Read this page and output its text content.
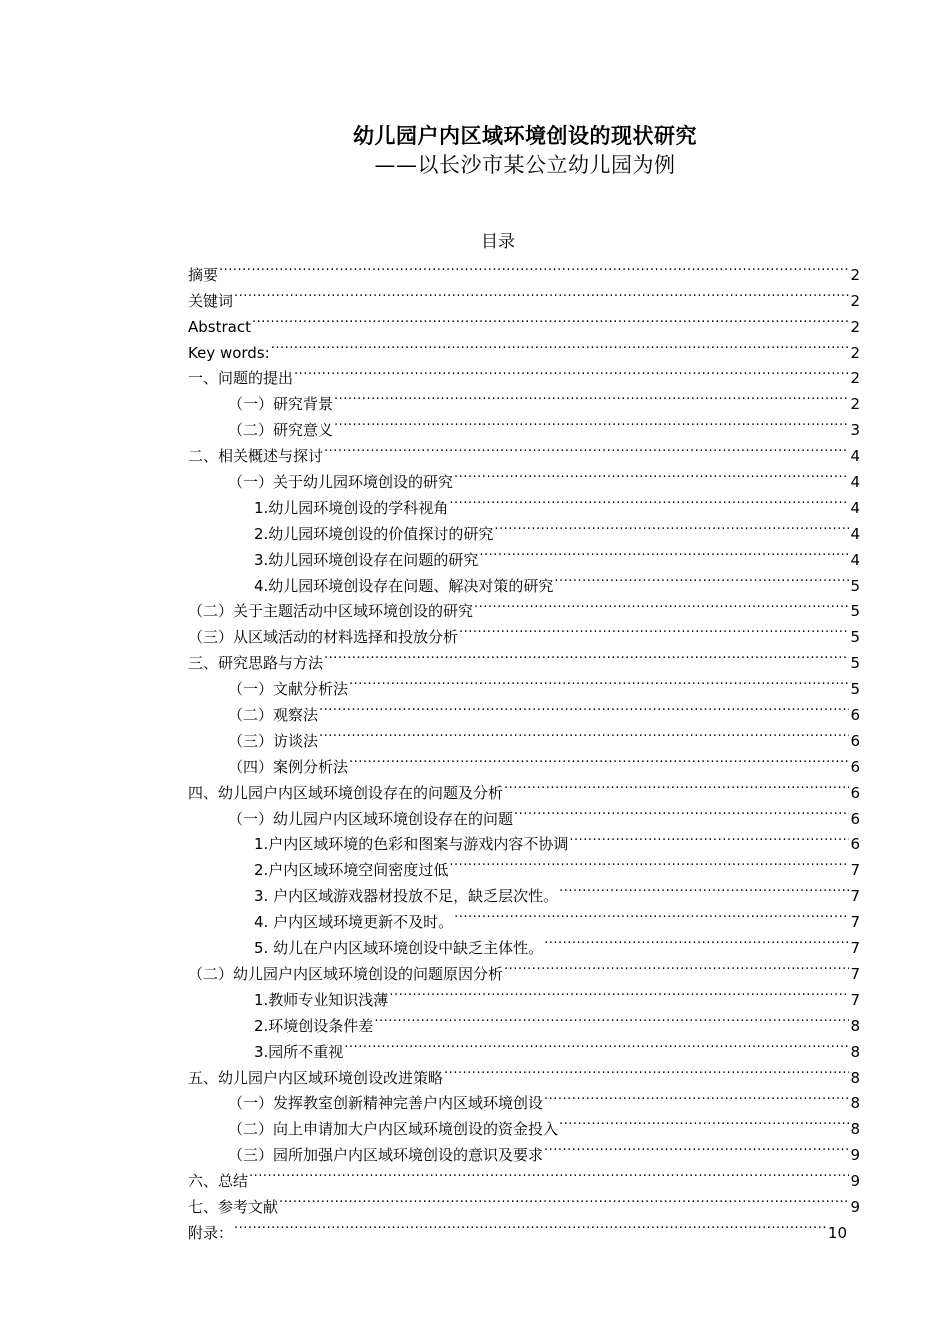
幼儿园户内区域环境创设的现状研究
——以长沙市某公立幼儿园为例
目录
摘要 .....	2
关键词 .....	2
Abstract .....	2
Key words: .....	2
一、问题的提出 .....	2
（一）研究背景 .....	2
（二）研究意义 .....	3
二、相关概述与探讨 .....	4
（一）关于幼儿园环境创设的研究 .....	4
1.幼儿园环境创设的学科视角 .....	4
2.幼儿园环境创设的价值探讨的研究 .....	4
3.幼儿园环境创设存在问题的研究 .....	4
4.幼儿园环境创设存在问题、解决对策的研究 .....	5
（二）关于主题活动中区域环境创设的研究 .....	5
（三）从区域活动的材料选择和投放分析 .....	5
三、研究思路与方法 .....	5
（一）文献分析法 .....	5
（二）观察法 .....	6
（三）访谈法 .....	6
（四）案例分析法 .....	6
四、幼儿园户内区域环境创设存在的问题及分析 .....	6
（一）幼儿园户内区域环境创设存在的问题 .....	6
1.户内区域环境的色彩和图案与游戏内容不协调 .....	6
2.户内区域环境空间密度过低 .....	7
3. 户内区域游戏器材投放不足，缺乏层次性。 .....	7
4. 户内区域环境更新不及时。 .....	7
5. 幼儿在户内区域环境创设中缺乏主体性。 .....	7
（二）幼儿园户内区域环境创设的问题原因分析 .....	7
1.教师专业知识浅薄 .....	7
2.环境创设条件差 .....	8
3.园所不重视 .....	8
五、幼儿园户内区域环境创设改进策略 .....	8
（一）发挥教室创新精神完善户内区域环境创设 .....	8
（二）向上申请加大户内区域环境创设的资金投入 .....	8
（三）园所加强户内区域环境创设的意识及要求 .....	9
六、总结 .....	9
七、参考文献 .....	9
附录： .....	10
